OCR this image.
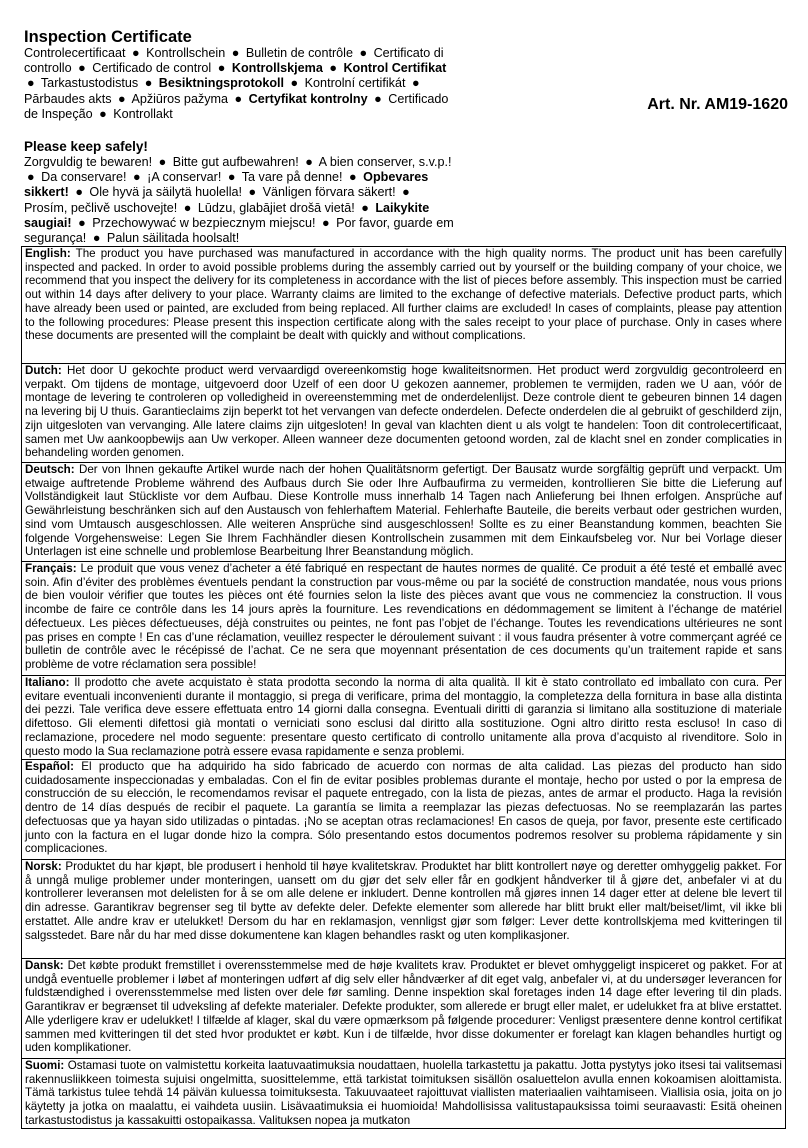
Inspection Certificate

Controlecertificaat ● Kontrollschein ● Bulletin de contrôle ● Certificato di controllo ● Certificado de control ● Kontrollskjema ● Kontrol Certifikat ● Tarkastustodistus ● Besiktningsprotokoll ● Kontrolní certifikát ● Pārbaudes akts ● Apžiūros pažyma ● Certyfikat kontrolny ● Certificado de Inspeção ● Kontrollakt

Please keep safely!

Zorgvuldig te bewaren! ● Bitte gut aufbewahren! ● A bien conserver, s.v.p.! ● Da conservare! ● ¡A conservar! ● Ta vare på denne! ● Opbevares sikkert! ● Ole hyvä ja säilytä huolella! ● Vänligen förvara säkert! ● Prosím, pečlivě uschovejte! ● Lūdzu, glabājiet drošā vietā! ● Laikykite saugiai! ● Przechowywać w bezpiecznym miejscu! ● Por favor, guarde em segurança! ● Palun säilitada hoolsalt!

Art. Nr. AM19-1620
English: The product you have purchased was manufactured in accordance with the high quality norms. The product unit has been carefully inspected and packed. In order to avoid possible problems during the assembly carried out by yourself or the building company of your choice, we recommend that you inspect the delivery for its completeness in accordance with the list of pieces before assembly. This inspection must be carried out within 14 days after delivery to your place. Warranty claims are limited to the exchange of defective materials. Defective product parts, which have already been used or painted, are excluded from being replaced. All further claims are excluded! In cases of complaints, please pay attention to the following procedures: Please present this inspection certificate along with the sales receipt to your place of purchase. Only in cases where these documents are presented will the complaint be dealt with quickly and without complications.
Dutch: Het door U gekochte product werd vervaardigd overeenkomstig hoge kwaliteitsnormen. Het product werd zorgvuldig gecontroleerd en verpakt. Om tijdens de montage, uitgevoerd door Uzelf of een door U gekozen aannemer, problemen te vermijden, raden we U aan, vóór de montage de levering te controleren op volledigheid in overeenstemming met de onderdelenlijst. Deze controle dient te gebeuren binnen 14 dagen na levering bij U thuis. Garantieclaims zijn beperkt tot het vervangen van defecte onderdelen. Defecte onderdelen die al gebruikt of geschilderd zijn, zijn uitgesloten van vervanging. Alle latere claims zijn uitgesloten! In geval van klachten dient u als volgt te handelen: Toon dit controlecertificaat, samen met Uw aankoopbewijs aan Uw verkoper. Alleen wanneer deze documenten getoond worden, zal de klacht snel en zonder complicaties in behandeling worden genomen.
Deutsch: Der von Ihnen gekaufte Artikel wurde nach der hohen Qualitätsnorm gefertigt. Der Bausatz wurde sorgfältig geprüft und verpackt. Um etwaige auftretende Probleme während des Aufbaus durch Sie oder Ihre Aufbaufirma zu vermeiden, kontrollieren Sie bitte die Lieferung auf Vollständigkeit laut Stückliste vor dem Aufbau. Diese Kontrolle muss innerhalb 14 Tagen nach Anlieferung bei Ihnen erfolgen. Ansprüche auf Gewährleistung beschränken sich auf den Austausch von fehlerhaftem Material. Fehlerhafte Bauteile, die bereits verbaut oder gestrichen wurden, sind vom Umtausch ausgeschlossen. Alle weiteren Ansprüche sind ausgeschlossen! Sollte es zu einer Beanstandung kommen, beachten Sie folgende Vorgehensweise: Legen Sie Ihrem Fachhändler diesen Kontrollschein zusammen mit dem Einkaufsbeleg vor. Nur bei Vorlage dieser Unterlagen ist eine schnelle und problemlose Bearbeitung Ihrer Beanstandung möglich.
Français: Le produit que vous venez d’acheter a été fabriqué en respectant de hautes normes de qualité. Ce produit a été testé et emballé avec soin. Afin d’éviter des problèmes éventuels pendant la construction par vous-même ou par la société de construction mandatée, nous vous prions de bien vouloir vérifier que toutes les pièces ont été fournies selon la liste des pièces avant que vous ne commenciez la construction. Il vous incombe de faire ce contrôle dans les 14 jours après la fourniture. Les revendications en dédommagement se limitent à l’échange de matériel défectueux. Les pièces défectueuses, déjà construites ou peintes, ne font pas l’objet de l’échange. Toutes les revendications ultérieures ne sont pas prises en compte ! En cas d’une réclamation, veuillez respecter le déroulement suivant : il vous faudra présenter à votre commerçant agréé ce bulletin de contrôle avec le récépissé de l’achat. Ce ne sera que moyennant présentation de ces documents qu’un traitement rapide et sans problème de votre réclamation sera possible!
Italiano: Il prodotto che avete acquistato è stata prodotta secondo la norma di alta qualità. Il kit è stato controllato ed imballato con cura. Per evitare eventuali inconvenienti durante il montaggio, si prega di verificare, prima del montaggio, la completezza della fornitura in base alla distinta dei pezzi. Tale verifica deve essere effettuata entro 14 giorni dalla consegna. Eventuali diritti di garanzia si limitano alla sostituzione di materiale difettoso. Gli elementi difettosi già montati o verniciati sono esclusi dal diritto alla sostituzione. Ogni altro diritto resta escluso! In caso di reclamazione, procedere nel modo seguente: presentare questo certificato di controllo unitamente alla prova d’acquisto al rivenditore. Solo in questo modo la Sua reclamazione potrà essere evasa rapidamente e senza problemi.
Español: El producto que ha adquirido ha sido fabricado de acuerdo con normas de alta calidad. Las piezas del producto han sido cuidadosamente inspeccionadas y embaladas. Con el fin de evitar posibles problemas durante el montaje, hecho por usted o por la empresa de construcción de su elección, le recomendamos revisar el paquete entregado, con la lista de piezas, antes de armar el producto. Haga la revisión dentro de 14 días después de recibir el paquete. La garantía se limita a reemplazar las piezas defectuosas. No se reemplazarán las partes defectuosas que ya hayan sido utilizadas o pintadas. ¡No se aceptan otras reclamaciones! En casos de queja, por favor, presente este certificado junto con la factura en el lugar donde hizo la compra. Sólo presentando estos documentos podremos resolver su problema rápidamente y sin complicaciones.
Norsk: Produktet du har kjøpt, ble produsert i henhold til høye kvalitetskrav. Produktet har blitt kontrollert nøye og deretter omhyggelig pakket. For å unngå mulige problemer under monteringen, uansett om du gjør det selv eller får en godkjent håndverker til å gjøre det, anbefaler vi at du kontrollerer leveransen mot delelisten for å se om alle delene er inkludert. Denne kontrollen må gjøres innen 14 dager etter at delene ble levert til din adresse. Garantikrav begrenser seg til bytte av defekte deler. Defekte elementer som allerede har blitt brukt eller malt/beiset/limt, vil ikke bli erstattet. Alle andre krav er utelukket! Dersom du har en reklamasjon, vennligst gjør som følger: Lever dette kontrollskjema med kvitteringen til salgsstedet. Bare når du har med disse dokumentene kan klagen behandles raskt og uten komplikasjoner.
Dansk: Det købte produkt fremstillet i overensstemmelse med de høje kvalitets krav. Produktet er blevet omhyggeligt inspiceret og pakket. For at undgå eventuelle problemer i løbet af monteringen udført af dig selv eller håndværker af dit eget valg, anbefaler vi, at du undersøger leverancen for fuldstændighed i overensstemmelse med listen over dele før samling. Denne inspektion skal foretages inden 14 dage efter levering til din plads. Garantikrav er begrænset til udveksling af defekte materialer. Defekte produkter, som allerede er brugt eller malet, er udelukket fra at blive erstattet. Alle yderligere krav er udelukket! I tilfælde af klager, skal du være opmærksom på følgende procedurer: Venligst præsentere denne kontrol certifikat sammen med kvitteringen til det sted hvor produktet er købt. Kun i de tilfælde, hvor disse dokumenter er forelagt kan klagen behandles hurtigt og uden komplikationer.
Suomi: Ostamasi tuote on valmistettu korkeita laatuvaatimuksia noudattaen, huolella tarkastettu ja pakattu. Jotta pystytys joko itsesi tai valitsemasi rakennusliikkeen toimesta sujuisi ongelmitta, suosittelemme, että tarkistat toimituksen sisällön osaluettelon avulla ennen kokoamisen aloittamista. Tämä tarkistus tulee tehdä 14 päivän kuluessa toimituksesta. Takuuvaateet rajoittuvat viallisten materiaalien vaihtamiseen. Viallisia osia, joita on jo käytetty ja jotka on maalattu, ei vaihdeta uusiin. Lisävaatimuksia ei huomioida! Mahdollisissa valitustapauksissa toimi seuraavasti: Esitä oheinen tarkastustodistus ja kassakuitti ostopaikassa. Valituksen nopea ja mutkaton
